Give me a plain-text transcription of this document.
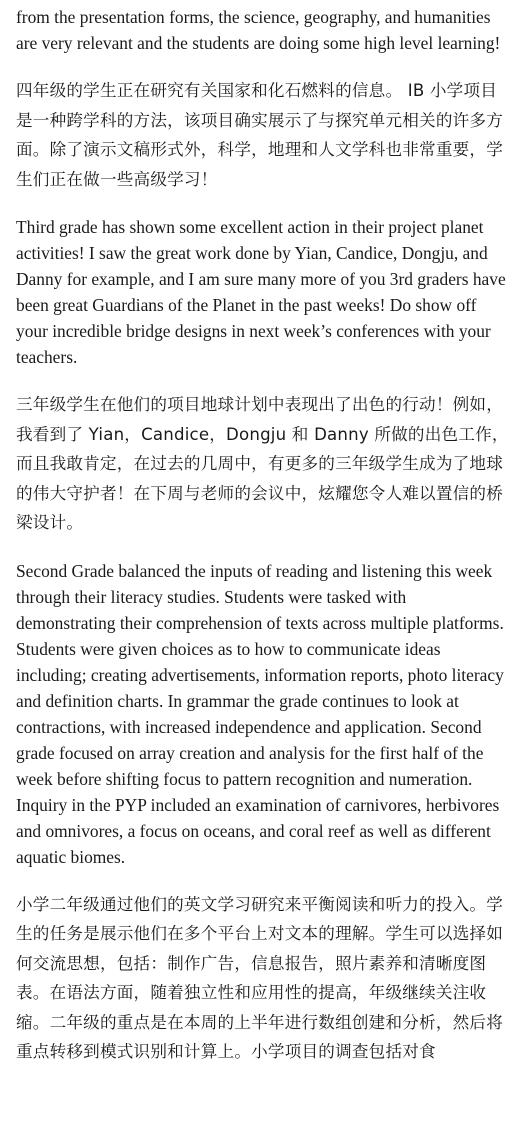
from the presentation forms, the science, geography, and humanities are very relevant and the students are doing some high level learning!

四年级的学生正在研究有关国家和化石燃料的信息。 IB 小学项目是一种跨学科的方法，该项目确实展示了与探究单元相关的许多方面。除了演示文稿形式外，科学，地理和人文学科也非常重要，学生们正在做一些高级学习！

Third grade has shown some excellent action in their project planet activities! I saw the great work done by Yian, Candice, Dongju, and Danny for example, and I am sure many more of you 3rd graders have been great Guardians of the Planet in the past weeks! Do show off your incredible bridge designs in next week’s conferences with your teachers.

三年级学生在他们的项目地球计划中表现出了出色的行动！例如，我看到了 Yian，Candice，Dongju 和 Danny 所做的出色工作，而且我敢肯定，在过去的几周中，有更多的三年级学生成为了地球的伟大守护者！在下周与老师的会议中，炫耀您令人难以置信的桥梁设计。

Second Grade balanced the inputs of reading and listening this week through their literacy studies. Students were tasked with demonstrating their comprehension of texts across multiple platforms. Students were given choices as to how to communicate ideas including; creating advertisements, information reports, photo literacy and definition charts. In grammar the grade continues to look at contractions, with increased independence and application. Second grade focused on array creation and analysis for the first half of the week before shifting focus to pattern recognition and numeration. Inquiry in the PYP included an examination of carnivores, herbivores and omnivores, a focus on oceans, and coral reef as well as different aquatic biomes.

小学二年级通过他们的英文学习研究来平衡阅读和听力的投入。学生的任务是展示他们在多个平台上对文本的理解。学生可以选择如何交流思想，包括：制作广告，信息报告，照片素养和清晰度图表。在语法方面，随着独立性和应用性的提高，年级继续关注收缩。二年级的重点是在本周的上半年进行数组创建和分析，然后将重点转移到模式识别和计算上。小学项目的调查包括对食
